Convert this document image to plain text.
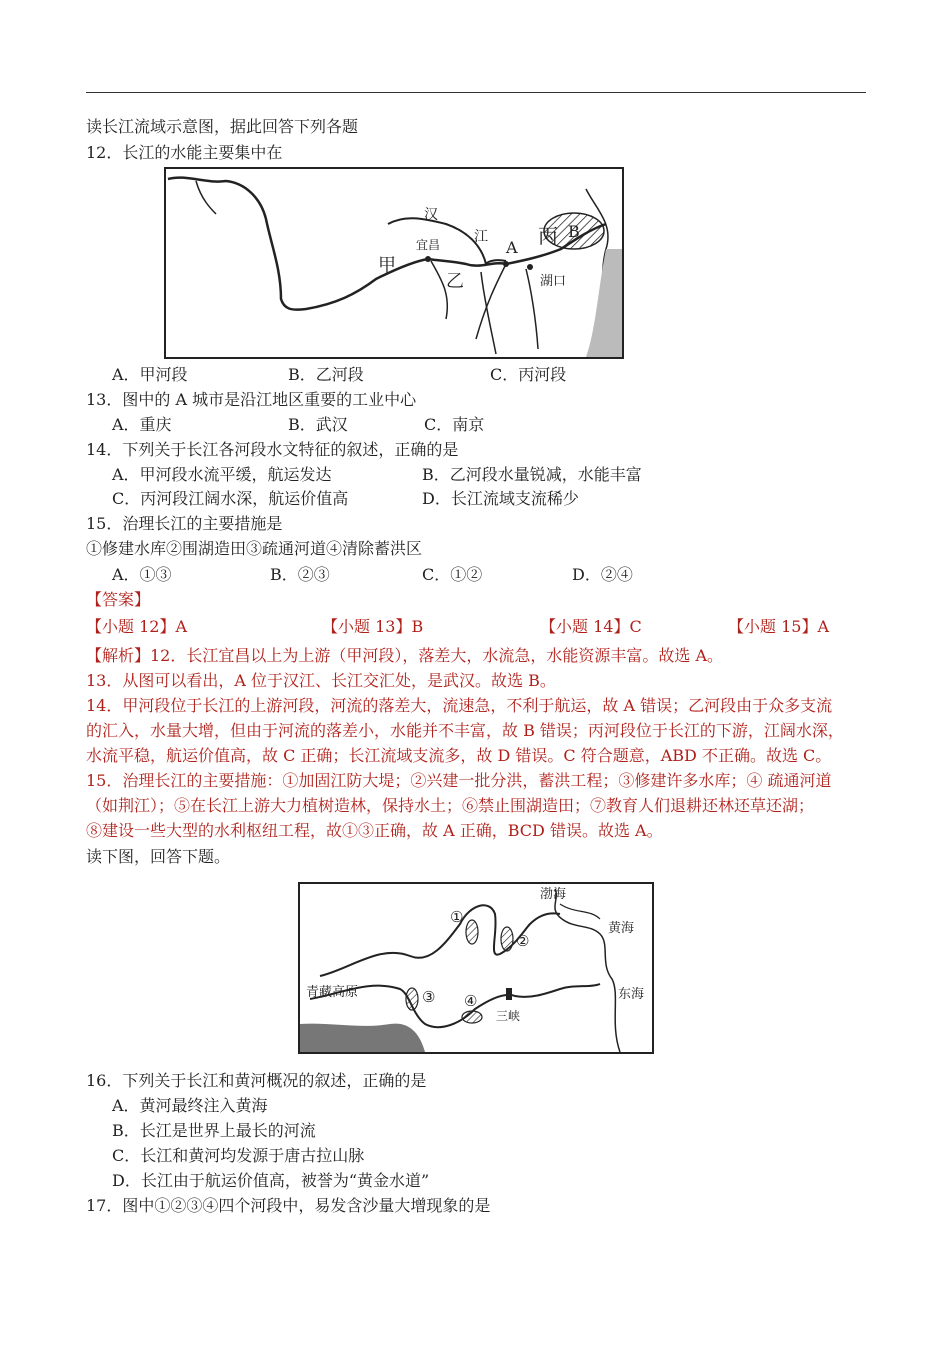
读长江流域示意图，据此回答下列各题
12．长江的水能主要集中在
汉
江
宜昌
甲
乙
A 丙 B
湖口
A．甲河段	B．乙河段	C．丙河段
13．图中的 A 城市是沿江地区重要的工业中心
A．重庆	B．武汉	C．南京
14．下列关于长江各河段水文特征的叙述，正确的是
A．甲河段水流平缓，航运发达	B．乙河段水量锐减，水能丰富
C．丙河段江阔水深，航运价值高	D．长江流域支流稀少
15．治理长江的主要措施是
①修建水库②围湖造田③疏通河道④清除蓄洪区
A．①③	B．②③	C．①②	D．②④
【答案】
【小题 12】A	【小题 13】B	【小题 14】C	【小题 15】A
【解析】12．长江宜昌以上为上游（甲河段），落差大，水流急，水能资源丰富。故选 A。
13．从图可以看出，A 位于汉江、长江交汇处，是武汉。故选 B。
14．甲河段位于长江的上游河段，河流的落差大，流速急，不利于航运，故 A 错误；乙河段由于众多支流
的汇入，水量大增，但由于河流的落差小，水能并不丰富，故 B 错误；丙河段位于长江的下游，江阔水深，
水流平稳，航运价值高，故 C 正确；长江流域支流多，故 D 错误。C 符合题意，ABD 不正确。故选 C。
15．治理长江的主要措施：①加固江防大堤；②兴建一批分洪，蓄洪工程；③修建许多水库；④ 疏通河道
（如荆江）；⑤在长江上游大力植树造林，保持水土；⑥禁止围湖造田；⑦教育人们退耕还林还草还湖；
⑧建设一些大型的水利枢纽工程，故①③正确，故 A 正确，BCD 错误。故选 A。
读下图，回答下题。
渤海
黄海
青藏高原	东海
三峡
①
②
③ ④
16．下列关于长江和黄河概况的叙述，正确的是
A．黄河最终注入黄海
B．长江是世界上最长的河流
C．长江和黄河均发源于唐古拉山脉
D．长江由于航运价值高，被誉为“黄金水道”
17．图中①②③④四个河段中，易发含沙量大增现象的是
